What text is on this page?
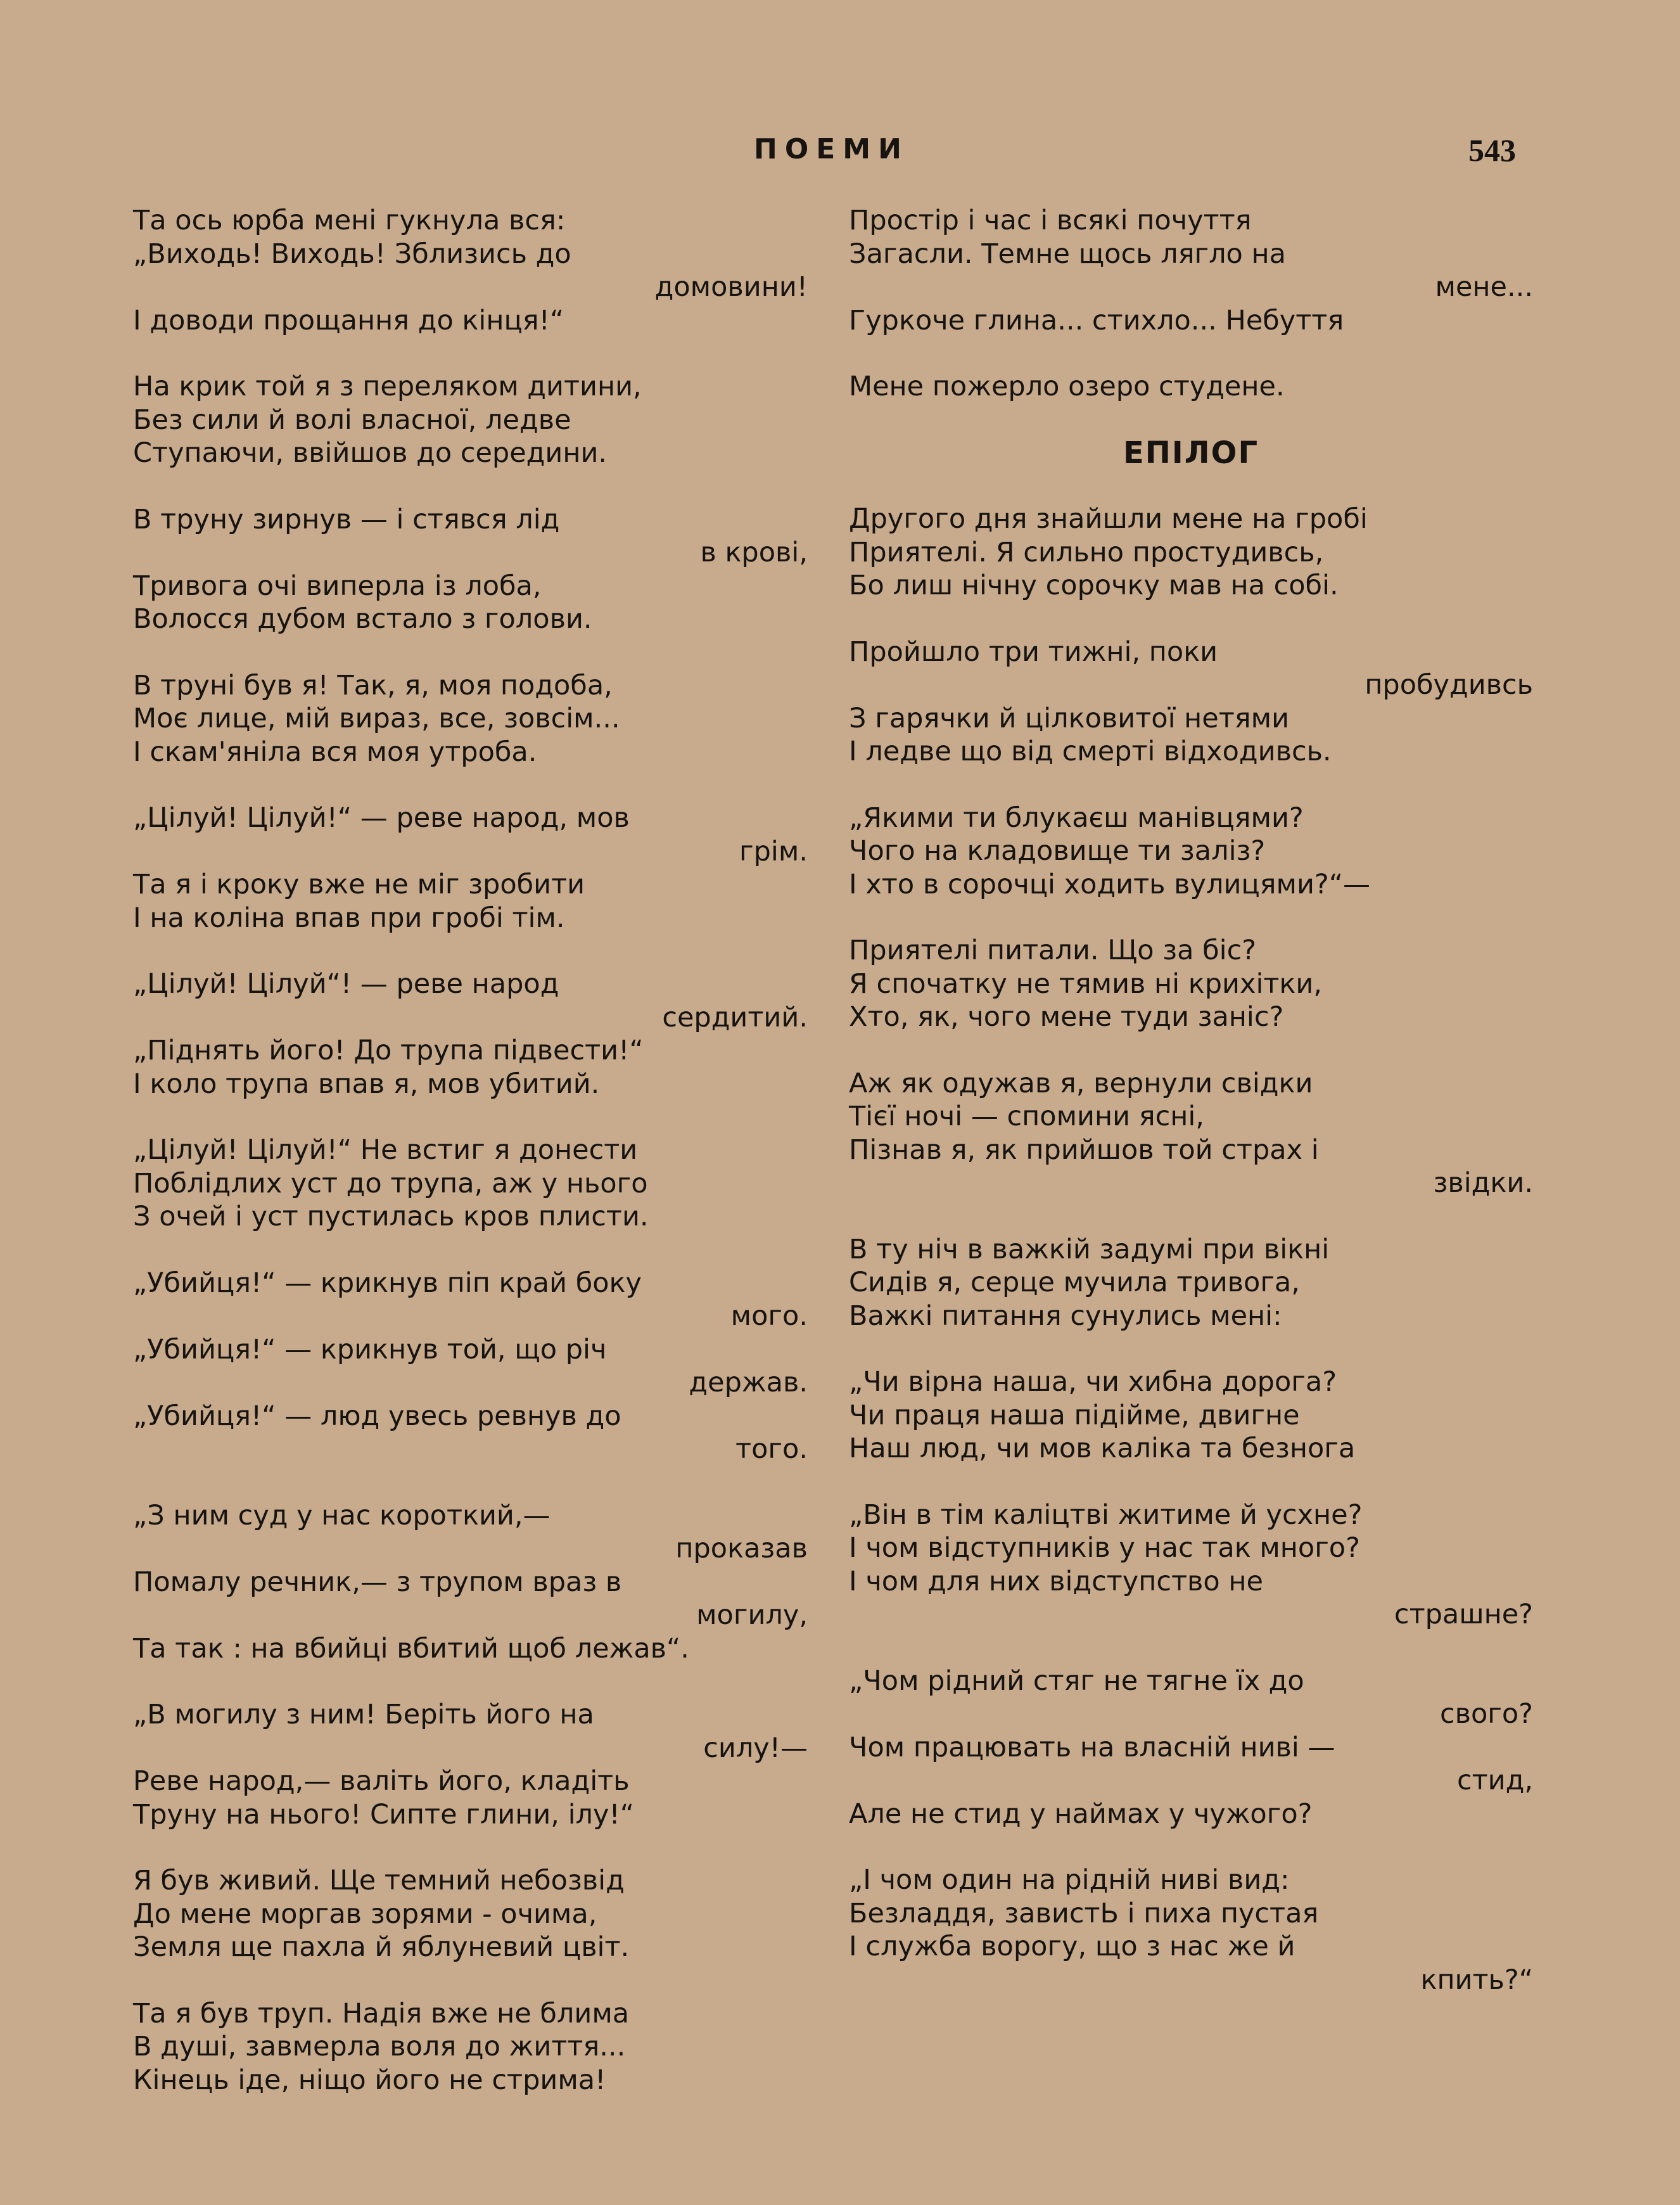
ПОЕМИ	543
Та ось юрба мені гукнула вся:
„Виходь! Виходь! Зблизись до
домовини!
І доводи прощання до кінця!“
На крик той я з переляком дитини,
Без сили й волі власної, ледве
Ступаючи, ввійшов до середини.
В труну зирнув — і стявся лід
в крові,
Тривога очі виперла із лоба,
Волосся дубом встало з голови.
В труні був я! Так, я, моя подоба,
Моє лице, мій вираз, все, зовсім...
І скам'яніла вся моя утроба.
„Цілуй! Цілуй!“ — реве народ, мов
грім.
Та я і кроку вже не міг зробити
І на коліна впав при гробі тім.
„Цілуй! Цілуй“! — реве народ
сердитий.
„Піднять його! До трупа підвести!“
І коло трупа впав я, мов убитий.
„Цілуй! Цілуй!“ Не встиг я донести
Поблідлих уст до трупа, аж у нього
З очей і уст пустилась кров плисти.
„Убийця!“ — крикнув піп край боку
мого.
„Убийця!“ — крикнув той, що річ
держав.
„Убийця!“ — люд увесь ревнув до
того.
„З ним суд у нас короткий,—
проказав
Помалу речник,— з трупом враз в
могилу,
Та так : на вбийці вбитий щоб лежав“.
„В могилу з ним! Беріть його на
силу!—
Реве народ,— валіть його, кладіть
Труну на нього! Сипте глини, ілу!“
Я був живий. Ще темний небозвід
До мене моргав зорями - очима,
Земля ще пахла й яблуневий цвіт.
Та я був труп. Надія вже не блима
В душі, завмерла воля до життя...
Кінець іде, ніщо його не стрима!
Простір і час і всякі почуття
Загасли. Темне щось лягло на
мене...
Гуркоче глина... стихло... Небуття
Мене пожерло озеро студене.
ЕПІЛОГ
Другого дня знайшли мене на гробі
Приятелі. Я сильно простудивсь,
Бо лиш нічну сорочку мав на собі.
Пройшло три тижні, поки
пробудивсь
З гарячки й цілковитої нетями
І ледве що від смерті відходивсь.
„Якими ти блукаєш манівцями?
Чого на кладовище ти заліз?
І хто в сорочці ходить вулицями?“—
Приятелі питали. Що за біс?
Я спочатку не тямив ні крихітки,
Хто, як, чого мене туди заніс?
Аж як одужав я, вернули свідки
Тієї ночі — спомини ясні,
Пізнав я, як прийшов той страх і
звідки.
В ту ніч в важкій задумі при вікні
Сидів я, серце мучила тривога,
Важкі питання сунулись мені:
„Чи вірна наша, чи хибна дорога?
Чи праця наша підійме, двигне
Наш люд, чи мов каліка та безнога
„Він в тім каліцтві житиме й усхне?
І чом відступників у нас так много?
І чом для них відступство не
страшне?
„Чом рідний стяг не тягне їх до
свого?
Чом працювать на власній ниві —
стид,
Але не стид у наймах у чужого?
„І чом один на рідній ниві вид:
Безладдя, завистЬ і пиха пустая
І служба ворогу, що з нас же й
кпить?“
